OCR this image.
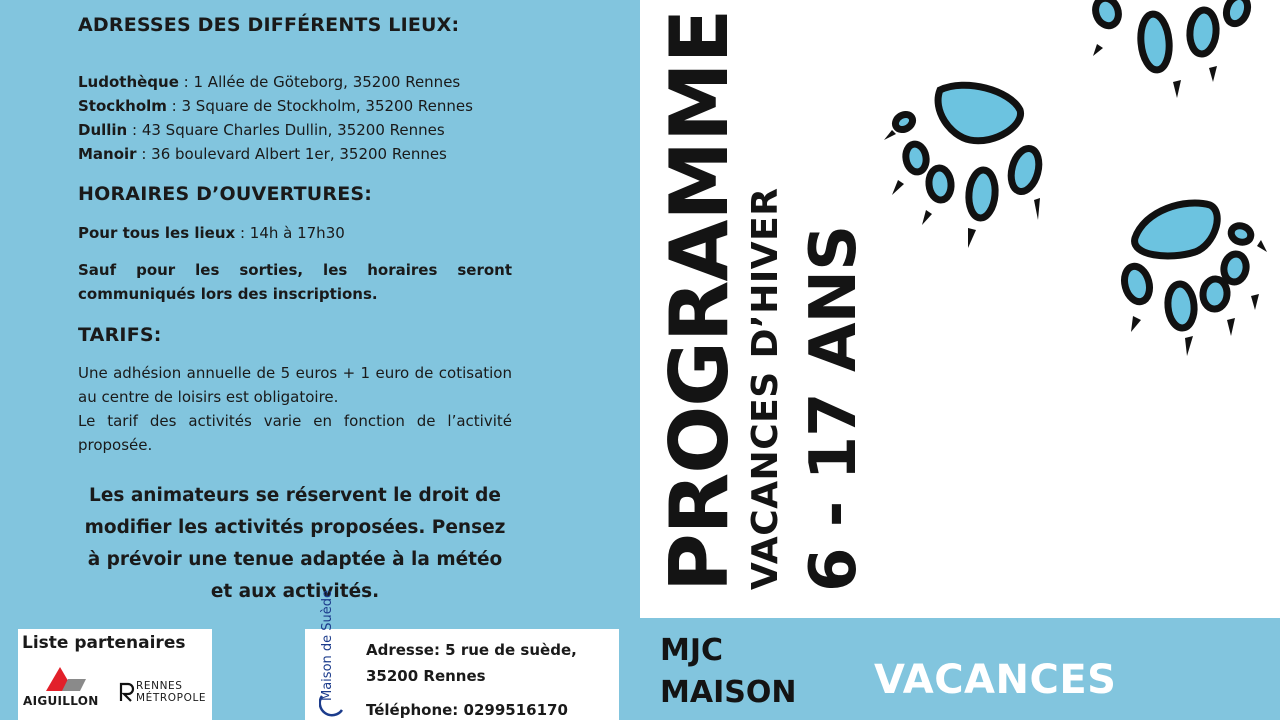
ADRESSES DES DIFFÉRENTS LIEUX:
Ludothèque : 1 Allée de Göteborg, 35200 Rennes
Stockholm : 3 Square de Stockholm, 35200 Rennes
Dullin : 43 Square Charles Dullin, 35200 Rennes
Manoir : 36 boulevard Albert 1er, 35200 Rennes
HORAIRES D’OUVERTURES:

Pour tous les lieux : 14h à 17h30

Sauf pour les sorties, les horaires seront communiqués lors des inscriptions.

TARIFS:

Une adhésion annuelle de 5 euros + 1 euro de cotisation au centre de loisirs est obligatoire.

Le tarif des activités varie en fonction de l’activité proposée.

Les animateurs se réservent le droit de modifier les activités proposées. Pensez à prévoir une tenue adaptée à la météo et aux activités.

Liste partenaires
AIGUILLON
RENNES
MÉTROPOLE	Maison de Suède Adresse: 5 rue de suède,
35200 Rennes
Téléphone: 0299516170
PROGRAMME VACANCES D’HIVER 6 - 17 ANS
MJC
MAISON VACANCES
